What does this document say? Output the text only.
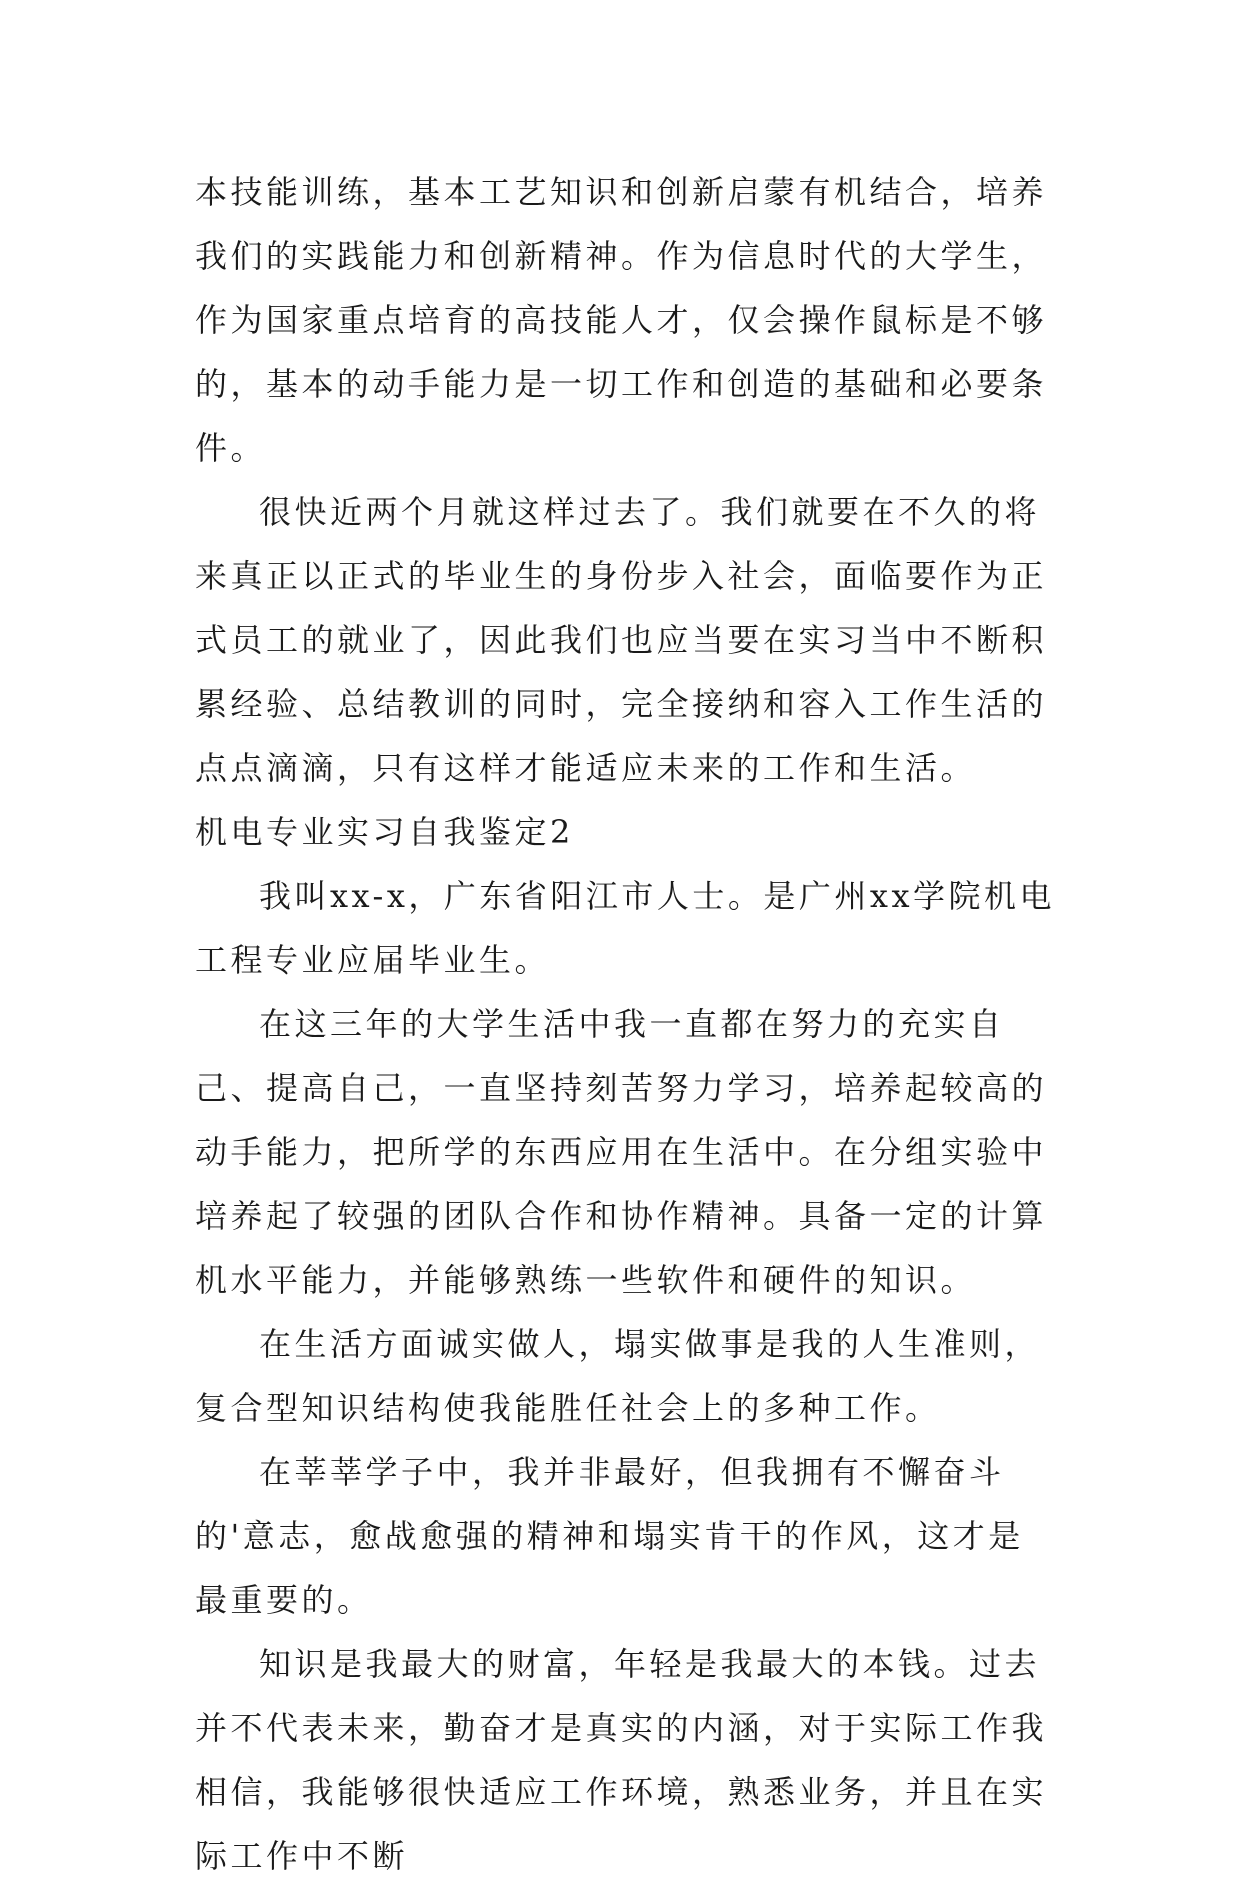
本技能训练，基本工艺知识和创新启蒙有机结合，培养我们的实践能力和创新精神。作为信息时代的大学生，作为国家重点培育的高技能人才，仅会操作鼠标是不够的，基本的动手能力是一切工作和创造的基础和必要条件。

很快近两个月就这样过去了。我们就要在不久的将来真正以正式的毕业生的身份步入社会，面临要作为正式员工的就业了，因此我们也应当要在实习当中不断积累经验、总结教训的同时，完全接纳和容入工作生活的点点滴滴，只有这样才能适应未来的工作和生活。

机电专业实习自我鉴定2

我叫xx-x，广东省阳江市人士。是广州xx学院机电工程专业应届毕业生。

在这三年的大学生活中我一直都在努力的充实自己、提高自己，一直坚持刻苦努力学习，培养起较高的动手能力，把所学的东西应用在生活中。在分组实验中培养起了较强的团队合作和协作精神。具备一定的计算机水平能力，并能够熟练一些软件和硬件的知识。

在生活方面诚实做人，塌实做事是我的人生准则，复合型知识结构使我能胜任社会上的多种工作。

在莘莘学子中，我并非最好，但我拥有不懈奋斗的'意志，愈战愈强的精神和塌实肯干的作风，这才是最重要的。

知识是我最大的财富，年轻是我最大的本钱。过去并不代表未来，勤奋才是真实的内涵，对于实际工作我相信，我能够很快适应工作环境，熟悉业务，并且在实际工作中不断
